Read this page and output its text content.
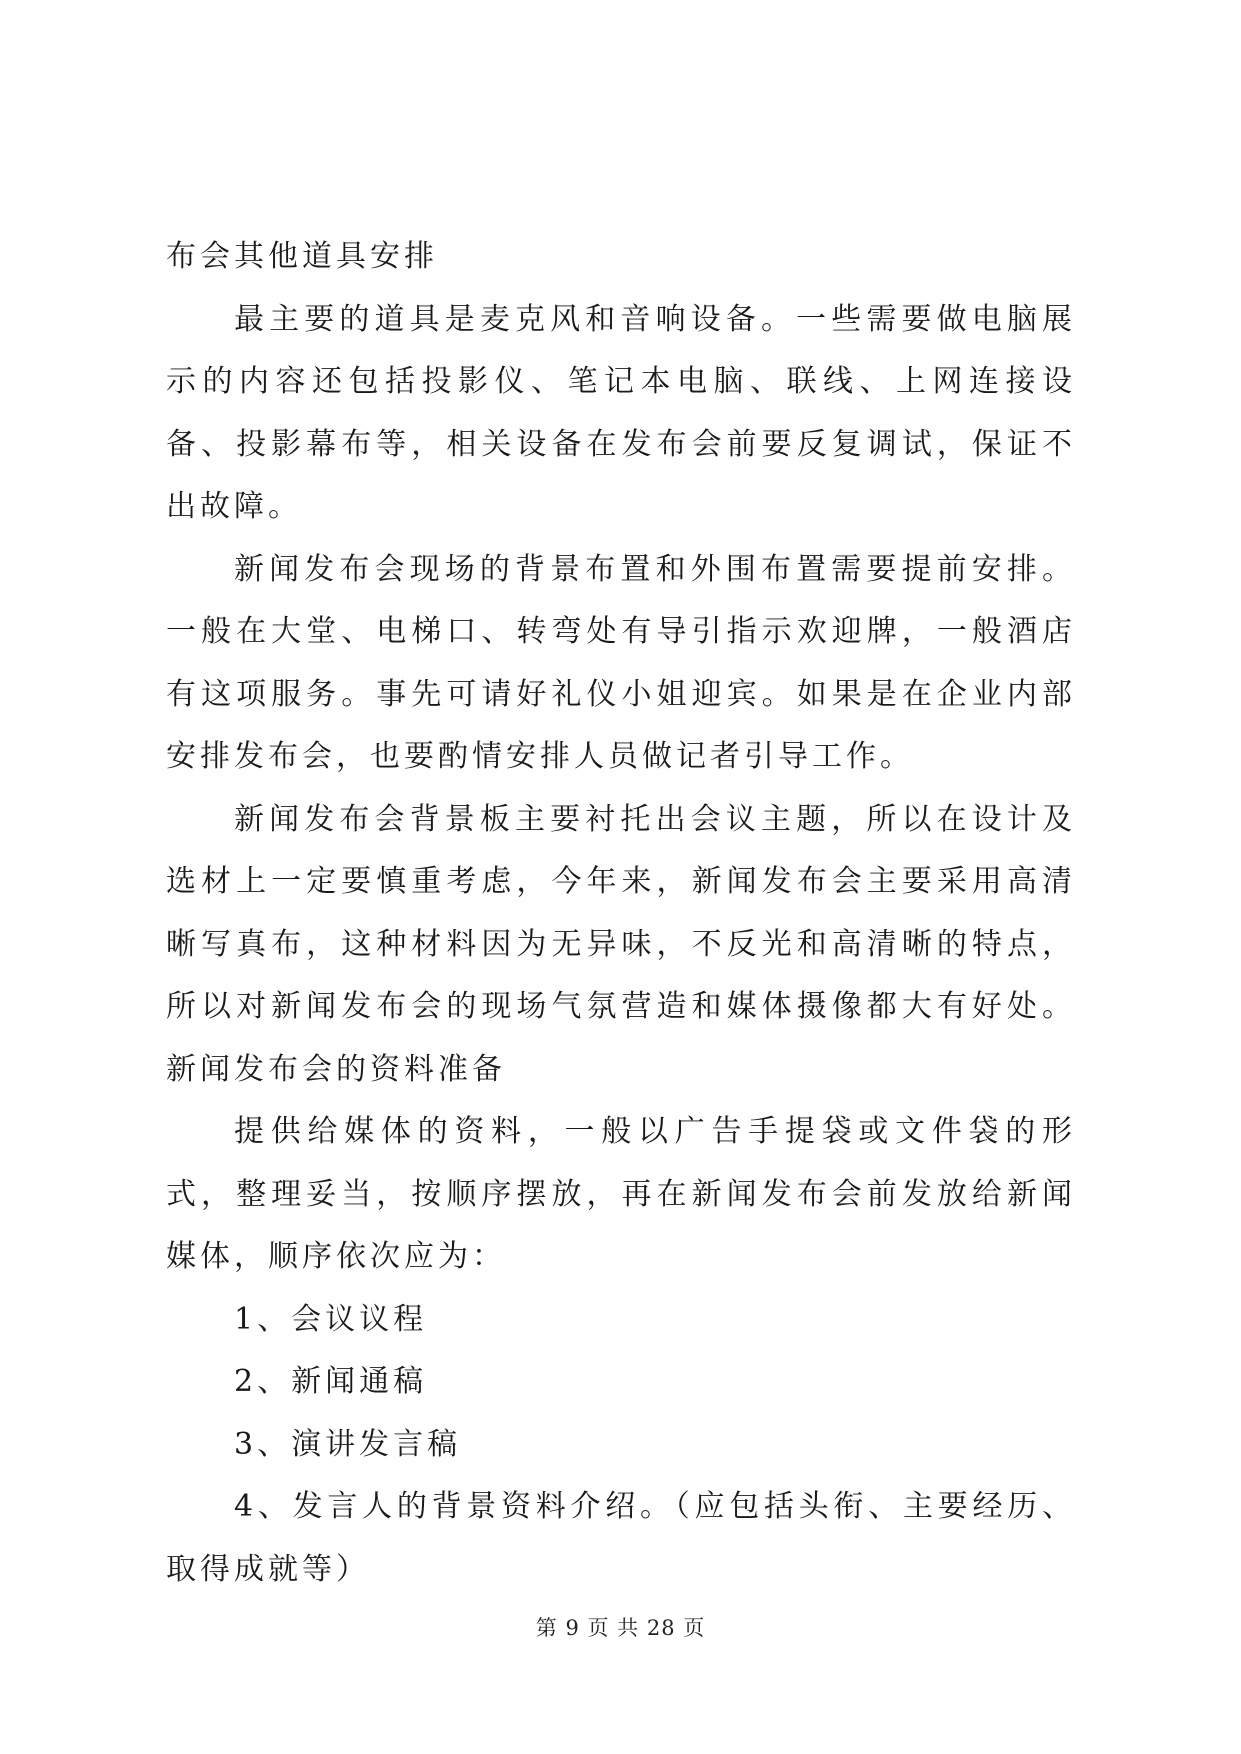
布会其他道具安排

最主要的道具是麦克风和音响设备。一些需要做电脑展示的内容还包括投影仪、笔记本电脑、联线、上网连接设备、投影幕布等，相关设备在发布会前要反复调试，保证不出故障。

新闻发布会现场的背景布置和外围布置需要提前安排。一般在大堂、电梯口、转弯处有导引指示欢迎牌，一般酒店有这项服务。事先可请好礼仪小姐迎宾。如果是在企业内部安排发布会，也要酌情安排人员做记者引导工作。

新闻发布会背景板主要衬托出会议主题，所以在设计及选材上一定要慎重考虑，今年来，新闻发布会主要采用高清晰写真布，这种材料因为无异味，不反光和高清晰的特点，所以对新闻发布会的现场气氛营造和媒体摄像都大有好处。新闻发布会的资料准备

提供给媒体的资料，一般以广告手提袋或文件袋的形式，整理妥当，按顺序摆放，再在新闻发布会前发放给新闻媒体，顺序依次应为：

1、会议议程

2、新闻通稿

3、演讲发言稿

4、发言人的背景资料介绍。（应包括头衔、主要经历、取得成就等）

第 9 页 共 28 页
